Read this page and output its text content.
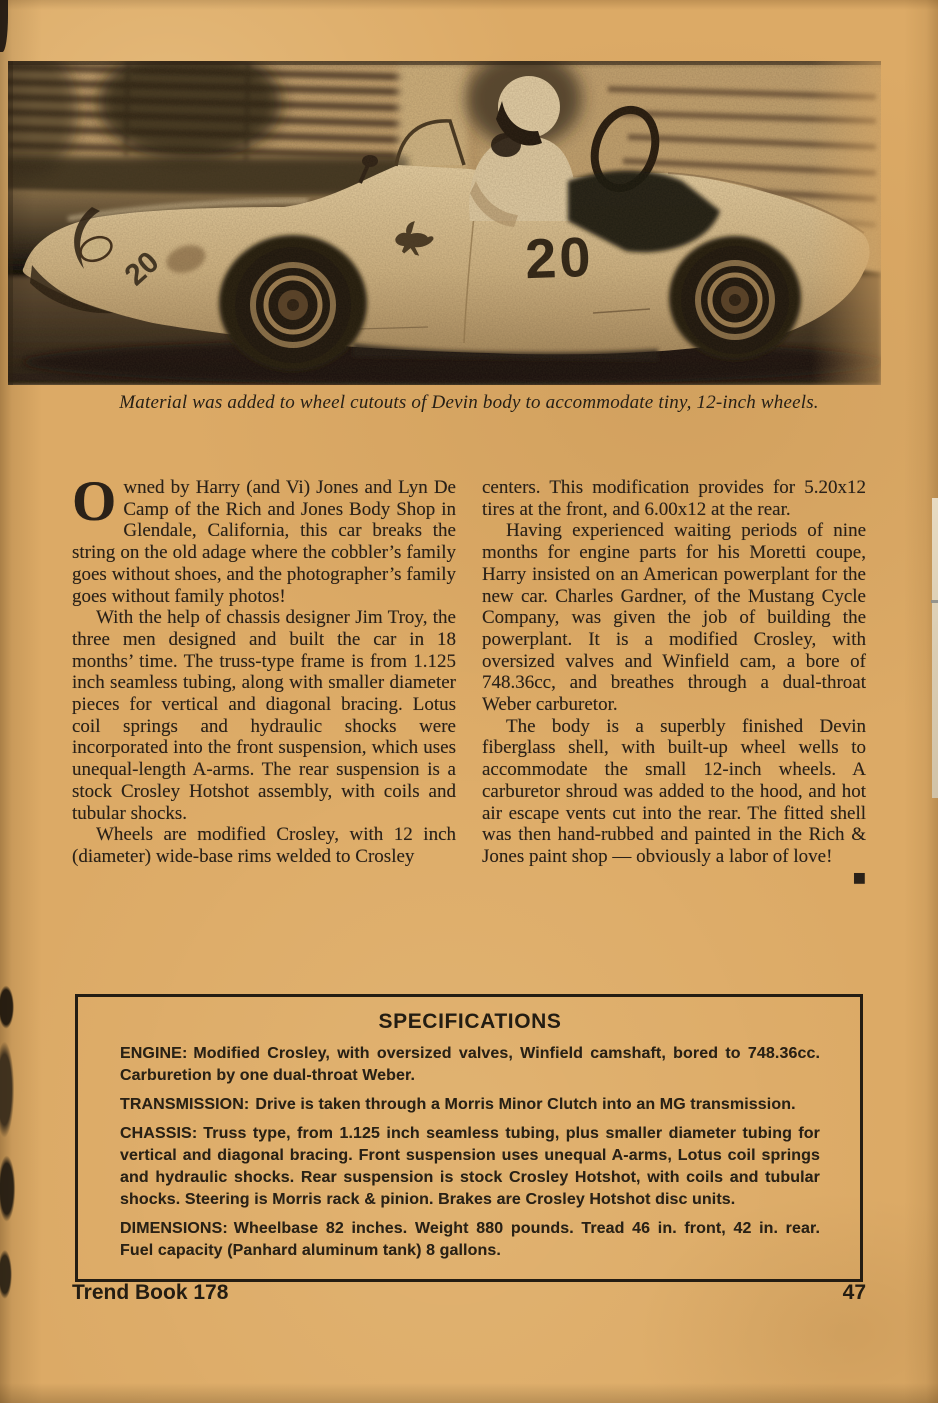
Material was added to wheel cutouts of Devin body to accommodate tiny, 12-inch wheels.

Owned by Harry (and Vi) Jones and Lyn De Camp of the Rich and Jones Body Shop in Glendale, California, this car breaks the string on the old adage where the cobbler’s family goes without shoes, and the photographer’s family goes without family photos!

With the help of chassis designer Jim Troy, the three men designed and built the car in 18 months’ time. The truss-type frame is from 1.125 inch seamless tubing, along with smaller diameter pieces for vertical and diagonal bracing. Lotus coil springs and hydraulic shocks were incorporated into the front suspension, which uses unequal-length A-arms. The rear suspension is a stock Crosley Hotshot assembly, with coils and tubular shocks.

Wheels are modified Crosley, with 12 inch (diameter) wide-base rims welded to Crosley

centers. This modification provides for 5.20x12 tires at the front, and 6.00x12 at the rear.

Having experienced waiting periods of nine months for engine parts for his Moretti coupe, Harry insisted on an American powerplant for the new car. Charles Gardner, of the Mustang Cycle Company, was given the job of building the powerplant. It is a modified Crosley, with oversized valves and Winfield cam, a bore of 748.36cc, and breathes through a dual-throat Weber carburetor.

The body is a superbly finished Devin fiberglass shell, with built-up wheel wells to accommodate the small 12-inch wheels. A carburetor shroud was added to the hood, and hot air escape vents cut into the rear. The fitted shell was then hand-rubbed and painted in the Rich & Jones paint shop — obviously a labor of love!
■

SPECIFICATIONS

ENGINE: Modified Crosley, with oversized valves, Winfield camshaft, bored to 748.36cc. Carburetion by one dual-throat Weber.

TRANSMISSION: Drive is taken through a Morris Minor Clutch into an MG transmission.

CHASSIS: Truss type, from 1.125 inch seamless tubing, plus smaller diameter tubing for vertical and diagonal bracing. Front suspension uses unequal A-arms, Lotus coil springs and hydraulic shocks. Rear suspension is stock Crosley Hotshot, with coils and tubular shocks. Steering is Morris rack & pinion. Brakes are Crosley Hotshot disc units.

DIMENSIONS: Wheelbase 82 inches. Weight 880 pounds. Tread 46 in. front, 42 in. rear. Fuel capacity (Panhard aluminum tank) 8 gallons.

Trend Book 178	47
